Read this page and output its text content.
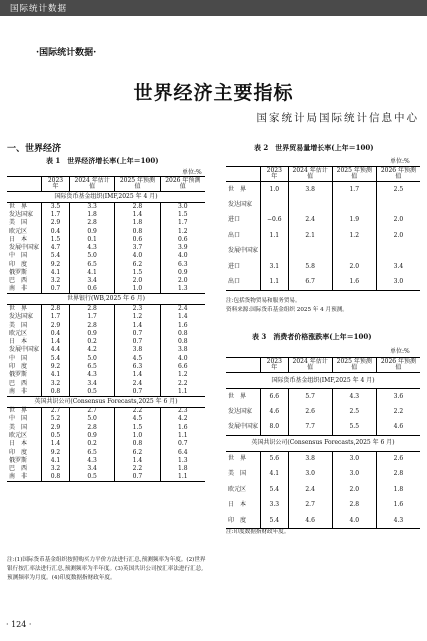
国际统计数据
·国际统计数据·
世界经济主要指标
国家统计局国际统计信息中心
一、世界经济
表 1　世界经济增长率(上年＝100)
单位:%
	2023 年	2024 年估计值	2025 年预测值	2026 年预测值
国际货币基金组织(IMF,2025 年 4 月)				
世　界	3.5	3.3	2.8	3.0
发达国家	1.7	1.8	1.4	1.5
美　国	2.9	2.8	1.8	1.7
欧元区	0.4	0.9	0.8	1.2
日　本	1.5	0.1	0.6	0.6
发展中国家	4.7	4.3	3.7	3.9
中　国	5.4	5.0	4.0	4.0
印　度	9.2	6.5	6.2	6.3
俄罗斯	4.1	4.1	1.5	0.9
巴　西	3.2	3.4	2.0	2.0
南　非	0.7	0.6	1.0	1.3
世界银行(WB,2025 年 6 月)				
世　界	2.8	2.8	2.3	2.4
发达国家	1.7	1.7	1.2	1.4
美　国	2.9	2.8	1.4	1.6
欧元区	0.4	0.9	0.7	0.8
日　本	1.4	0.2	0.7	0.8
发展中国家	4.4	4.2	3.8	3.8
中　国	5.4	5.0	4.5	4.0
印　度	9.2	6.5	6.3	6.6
俄罗斯	4.1	4.3	1.4	1.2
巴　西	3.2	3.4	2.4	2.2
南　非	0.8	0.5	0.7	1.1
英国共识公司(Consensus Forecasts,2025 年 6 月)				
世　界	2.7	2.7	2.2	2.3
中　国	5.2	5.0	4.5	4.2
美　国	2.9	2.8	1.5	1.6
欧元区	0.5	0.9	1.0	1.1
日　本	1.4	0.2	0.8	0.7
印　度	9.2	6.5	6.2	6.4
俄罗斯	4.1	4.3	1.4	1.3
巴　西	3.2	3.4	2.2	1.8
南　非	0.8	0.5	0.7	1.1
注:(1)国际货币基金组织按照购买力平价方法进行汇总,预测频率为年度。(2)世界银行按汇率法进行汇总,预测频率为半年度。(3)英国共识公司按汇率法进行汇总,预测频率为月度。(4)印度数据指财政年度。
表 2　世界贸易量增长率(上年＝100)
单位:%
	2023 年	2024 年估计值	2025 年预测值	2026 年预测值
世　界	1.0	3.8	1.7	2.5
发达国家				
进口	−0.6	2.4	1.9	2.0
出口	1.1	2.1	1.2	2.0
发展中国家				
进口	3.1	5.8	2.0	3.4
出口	1.1	6.7	1.6	3.0
注:包括货物贸易和服务贸易。
资料来源:国际货币基金组织 2025 年 4 月预测。
表 3　消费者价格涨跌率(上年＝100)
单位:%
	2023 年	2024 年估计值	2025 年预测值	2026 年预测值
国际货币基金组织(IMF,2025 年 4 月)				
世　界	6.6	5.7	4.3	3.6
发达国家	4.6	2.6	2.5	2.2
发展中国家	8.0	7.7	5.5	4.6
英国共识公司(Consensus Forecasts,2025 年 6 月)				
世　界	5.6	3.8	3.0	2.6
美　国	4.1	3.0	3.0	2.8
欧元区	5.4	2.4	2.0	1.8
日　本	3.3	2.7	2.8	1.6
印　度	5.4	4.6	4.0	4.3
注:印度数据指财政年度。
· 124 ·
